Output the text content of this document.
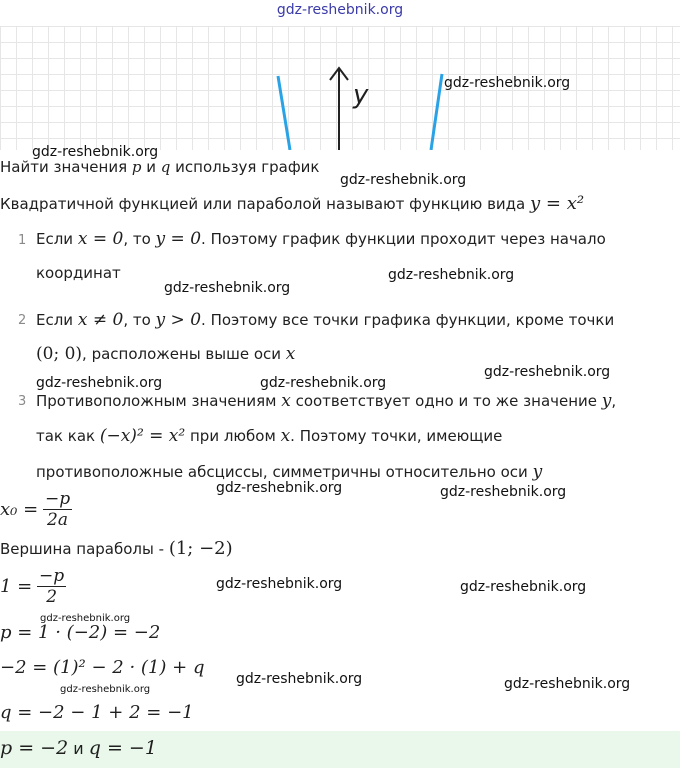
gdz-reshebnik.org
y	gdz-reshebnik.org
gdz-reshebnik.org
gdz-reshebnik.org
gdz-reshebnik.org
gdz-reshebnik.org
gdz-reshebnik.org
gdz-reshebnik.org	gdz-reshebnik.org
gdz-reshebnik.org	gdz-reshebnik.org
gdz-reshebnik.org	gdz-reshebnik.org
gdz-reshebnik.org
gdz-reshebnik.org	gdz-reshebnik.org
gdz-reshebnik.org
Найти значения p и q используя график
Квадратичной функцией или параболой называют функцию вида y = x²
1 Если x = 0, то y = 0. Поэтому график функции проходит через начало
координат
2 Если x ≠ 0, то y > 0. Поэтому все точки графика функции, кроме точки
(0; 0), расположены выше оси x
3 Противоположным значениям x соответствует одно и то же значение y,
так как (−x)² = x² при любом x. Поэтому точки, имеющие
противоположные абсциссы, симметричны относительно оси y
$x_0 = \frac{-p}{2a}$
Вершина параболы - (1; −2)
$1 = \frac{-p}{2}$
p = 1 · (−2) = −2
−2 = (1)² − 2 · (1) + q
q = −2 − 1 + 2 = −1
p = −2 и q = −1
